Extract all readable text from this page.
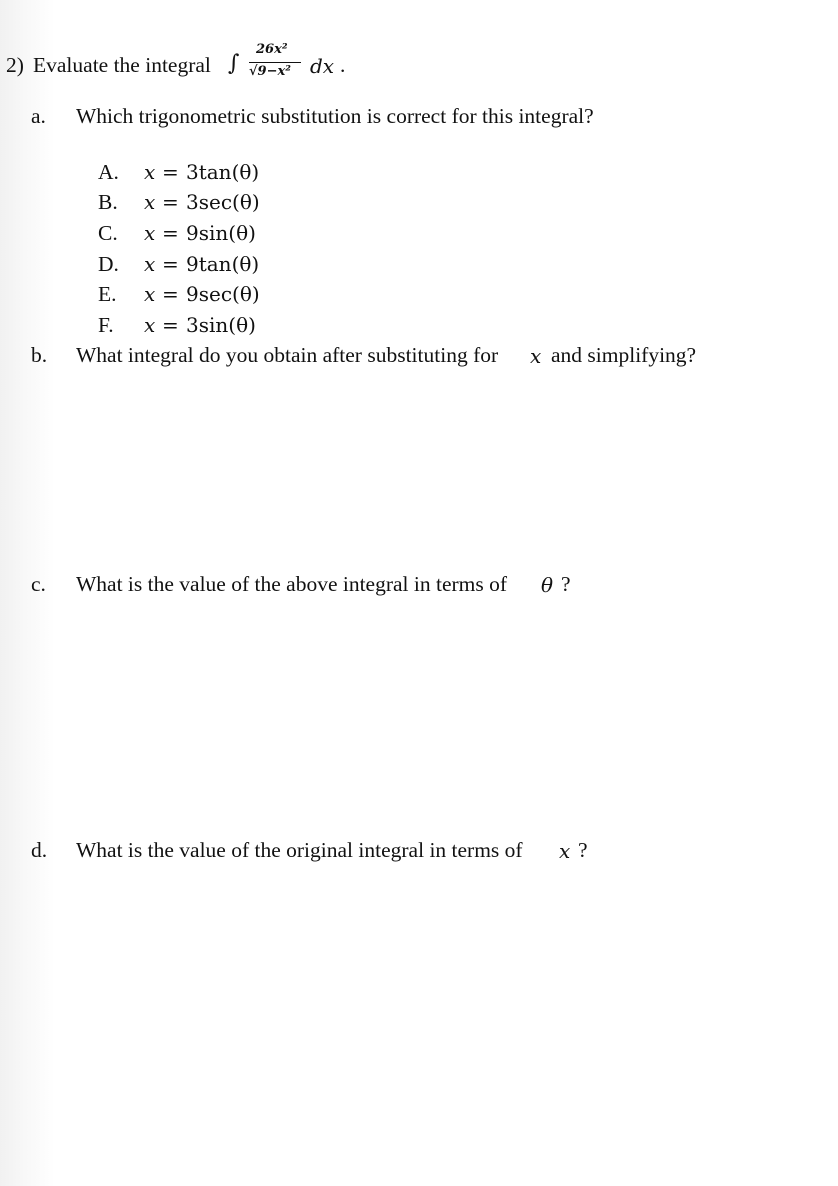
2) Evaluate the integral ∫
26x²
√9−x² dx .
a. Which trigonometric substitution is correct for this integral?
A. x = 3tan(θ)
B. x = 3sec(θ)
C. x = 9sin(θ)
D. x = 9tan(θ)
E. x = 9sec(θ)
F. x = 3sin(θ)
b. What integral do you obtain after substituting for x and simplifying?
c. What is the value of the above integral in terms of θ ?
d. What is the value of the original integral in terms of x ?
